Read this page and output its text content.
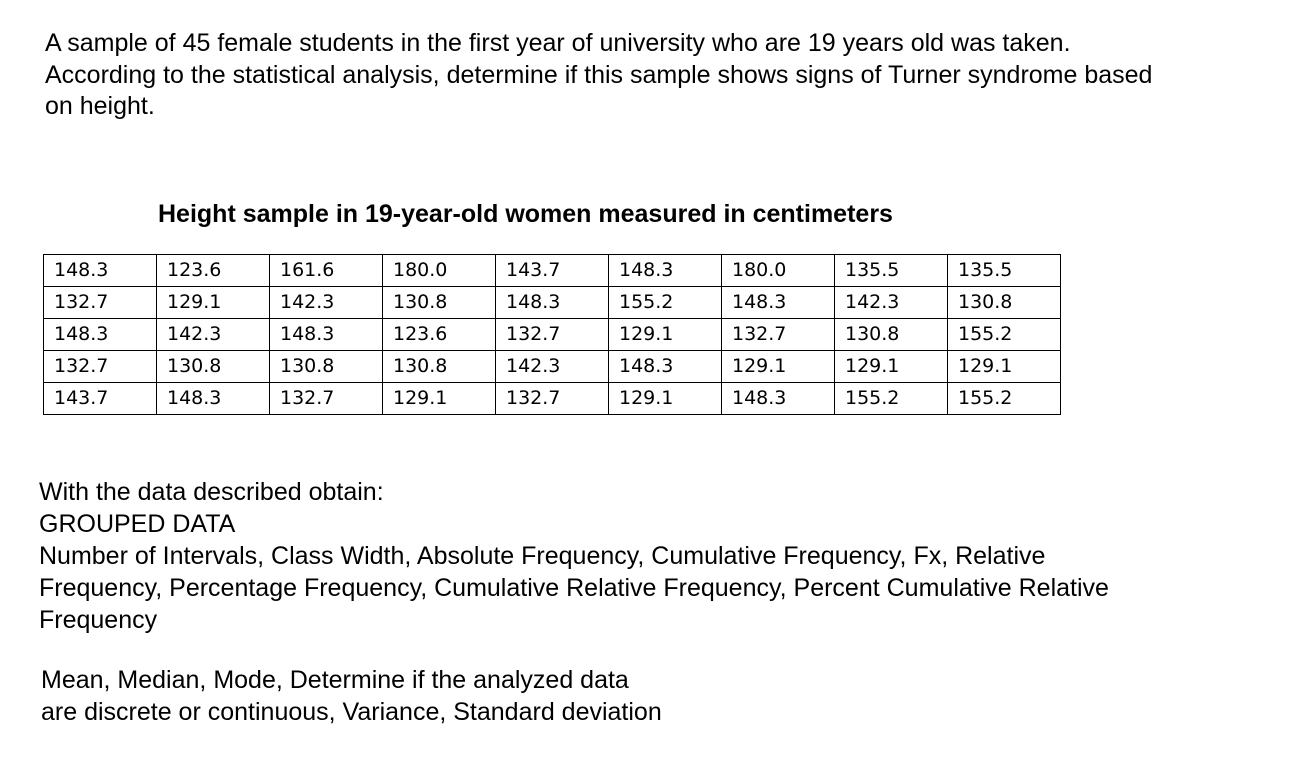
A sample of 45 female students in the first year of university who are 19 years old was taken.
According to the statistical analysis, determine if this sample shows signs of Turner syndrome based
on height.
Height sample in 19-year-old women measured in centimeters
148.3	123.6	161.6	180.0	143.7	148.3	180.0	135.5	135.5
132.7	129.1	142.3	130.8	148.3	155.2	148.3	142.3	130.8
148.3	142.3	148.3	123.6	132.7	129.1	132.7	130.8	155.2
132.7	130.8	130.8	130.8	142.3	148.3	129.1	129.1	129.1
143.7	148.3	132.7	129.1	132.7	129.1	148.3	155.2	155.2
With the data described obtain:
GROUPED DATA
Number of Intervals, Class Width, Absolute Frequency, Cumulative Frequency, Fx, Relative
Frequency, Percentage Frequency, Cumulative Relative Frequency, Percent Cumulative Relative
Frequency
Mean, Median, Mode, Determine if the analyzed data
are discrete or continuous, Variance, Standard deviation
